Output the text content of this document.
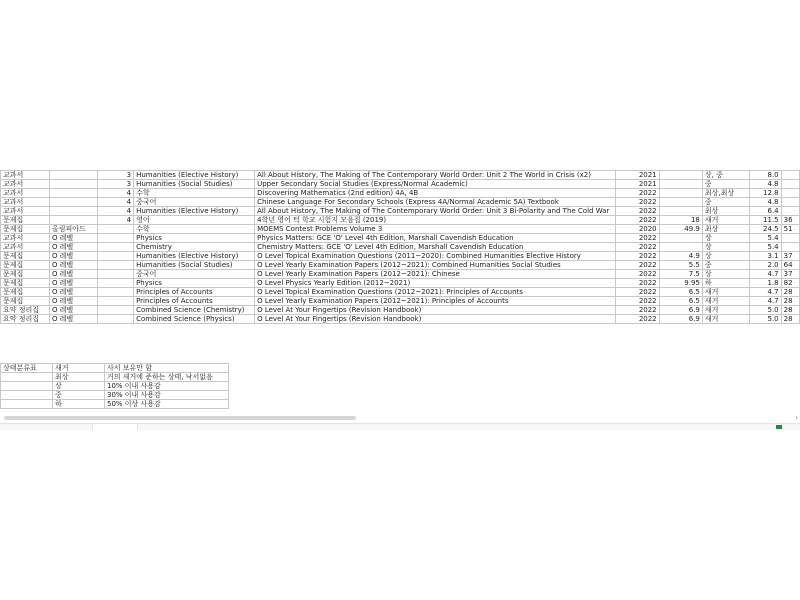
교과서		3	Humanities (Elective History)	All About History, The Making of The Contemporary World Order: Unit 2 The World in Crisis (x2)	2021		상, 중	8.0	
교과서		3	Humanities (Social Studies)	Upper Secondary Social Studies (Express/Normal Academic)	2021		중	4.8	
교과서		4	수학	Discovering Mathematics (2nd edition) 4A, 4B	2022		최상,최상	12.8	
교과서		4	중국어	Chinese Language For Secondary Schools (Express 4A/Normal Academic 5A) Textbook	2022		중	4.8	
교과서		4	Humanities (Elective History)	All About History, The Making of The Contemporary World Order: Unit 3 Bi-Polarity and The Cold War	2022		최상	6.4	
문제집		4	영어	4학년 영어 턱 학교 시험지 모음집 (2019)	2022	18	새거	11.5	36
문제집	올림피아드		수학	MOEMS Contest Problems Volume 3	2020	49.9	최상	24.5	51
교과서	O 레벨		Physics	Physics Matters: GCE 'O' Level 4th Edition, Marshall Cavendish Education	2022		상	5.4	
교과서	O 레벨		Chemistry	Chemistry Matters: GCE 'O' Level 4th Edition, Marshall Cavendish Education	2022		상	5.4	
문제집	O 레벨		Humanities (Elective History)	O Level Topical Examination Questions (2011~2020): Combined Humanities Elective History	2022	4.9	상	3.1	37
문제집	O 레벨		Humanities (Social Studies)	O Level Yearly Examination Papers (2012~2021): Combined Humanities Social Studies	2022	5.5	중	2.0	64
문제집	O 레벨		중국어	O Level Yearly Examination Papers (2012~2021): Chinese	2022	7.5	상	4.7	37
문제집	O 레벨		Physics	O Level Physics Yearly Edition (2012~2021)	2022	9.95	하	1.8	82
문제집	O 레벨		Principles of Accounts	O Level Topical Examination Questions (2012~2021): Principles of Accounts	2022	6.5	새거	4.7	28
문제집	O 레벨		Principles of Accounts	O Level Yearly Examination Papers (2012~2021): Principles of Accounts	2022	6.5	새거	4.7	28
요약 정리집	O 레벨		Combined Science (Chemistry)	O Level At Your Fingertips (Revision Handbook)	2022	6.9	새거	5.0	28
요약 정리집	O 레벨		Combined Science (Physics)	O Level At Your Fingertips (Revision Handbook)	2022	6.9	새거	5.0	28
상태분류표	새거	사서 보유만 함
	최상	거의 새거에 준하는 상태, 낙서없음
	상	10% 이내 사용감
	중	30% 이내 사용감
	하	50% 이상 사용감
›
